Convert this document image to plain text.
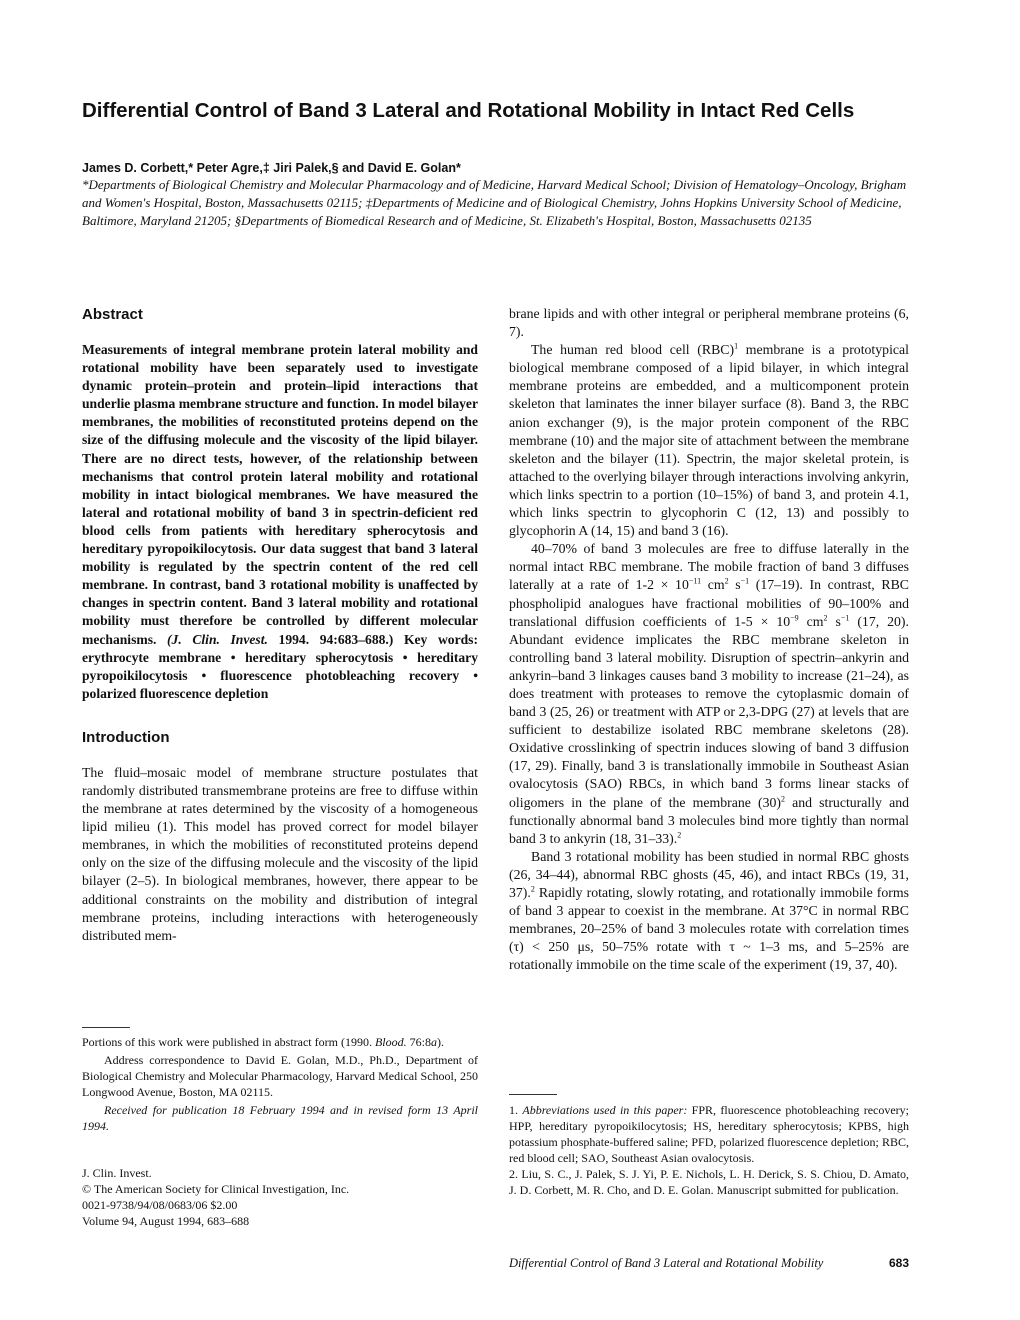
Differential Control of Band 3 Lateral and Rotational Mobility in Intact Red Cells
James D. Corbett,* Peter Agre,‡ Jiri Palek,§ and David E. Golan*
*Departments of Biological Chemistry and Molecular Pharmacology and of Medicine, Harvard Medical School; Division of Hematology–Oncology, Brigham and Women's Hospital, Boston, Massachusetts 02115; ‡Departments of Medicine and of Biological Chemistry, Johns Hopkins University School of Medicine, Baltimore, Maryland 21205; §Departments of Biomedical Research and of Medicine, St. Elizabeth's Hospital, Boston, Massachusetts 02135
Abstract

Measurements of integral membrane protein lateral mobility and rotational mobility have been separately used to investigate dynamic protein–protein and protein–lipid interactions that underlie plasma membrane structure and function. In model bilayer membranes, the mobilities of reconstituted proteins depend on the size of the diffusing molecule and the viscosity of the lipid bilayer. There are no direct tests, however, of the relationship between mechanisms that control protein lateral mobility and rotational mobility in intact biological membranes. We have measured the lateral and rotational mobility of band 3 in spectrin-deficient red blood cells from patients with hereditary spherocytosis and hereditary pyropoikilocytosis. Our data suggest that band 3 lateral mobility is regulated by the spectrin content of the red cell membrane. In contrast, band 3 rotational mobility is unaffected by changes in spectrin content. Band 3 lateral mobility and rotational mobility must therefore be controlled by different molecular mechanisms. (J. Clin. Invest. 1994. 94:683–688.) Key words: erythrocyte membrane • hereditary spherocytosis • hereditary pyropoikilocytosis • fluorescence photobleaching recovery • polarized fluorescence depletion

Introduction

The fluid–mosaic model of membrane structure postulates that randomly distributed transmembrane proteins are free to diffuse within the membrane at rates determined by the viscosity of a homogeneous lipid milieu (1). This model has proved correct for model bilayer membranes, in which the mobilities of reconstituted proteins depend only on the size of the diffusing molecule and the viscosity of the lipid bilayer (2–5). In biological membranes, however, there appear to be additional constraints on the mobility and distribution of integral membrane proteins, including interactions with heterogeneously distributed mem-

brane lipids and with other integral or peripheral membrane proteins (6, 7).

The human red blood cell (RBC)$^1$ membrane is a prototypical biological membrane composed of a lipid bilayer, in which integral membrane proteins are embedded, and a multicomponent protein skeleton that laminates the inner bilayer surface (8). Band 3, the RBC anion exchanger (9), is the major protein component of the RBC membrane (10) and the major site of attachment between the membrane skeleton and the bilayer (11). Spectrin, the major skeletal protein, is attached to the overlying bilayer through interactions involving ankyrin, which links spectrin to a portion (10–15%) of band 3, and protein 4.1, which links spectrin to glycophorin C (12, 13) and possibly to glycophorin A (14, 15) and band 3 (16).

40–70% of band 3 molecules are free to diffuse laterally in the normal intact RBC membrane. The mobile fraction of band 3 diffuses laterally at a rate of $1-2 \times 10^{-11}$ $cm^2$ $s^{-1}$ (17–19). In contrast, RBC phospholipid analogues have fractional mobilities of 90–100% and translational diffusion coefficients of $1-5 \times 10^{-9}$ $cm^2$ $s^{-1}$ (17, 20). Abundant evidence implicates the RBC membrane skeleton in controlling band 3 lateral mobility. Disruption of spectrin–ankyrin and ankyrin–band 3 linkages causes band 3 mobility to increase (21–24), as does treatment with proteases to remove the cytoplasmic domain of band 3 (25, 26) or treatment with ATP or 2,3-DPG (27) at levels that are sufficient to destabilize isolated RBC membrane skeletons (28). Oxidative crosslinking of spectrin induces slowing of band 3 diffusion (17, 29). Finally, band 3 is translationally immobile in Southeast Asian ovalocytosis (SAO) RBCs, in which band 3 forms linear stacks of oligomers in the plane of the membrane $(30)^2$ and structurally and functionally abnormal band 3 molecules bind more tightly than normal band 3 to ankyrin (18, 31–33).$^2$

Band 3 rotational mobility has been studied in normal RBC ghosts (26, 34–44), abnormal RBC ghosts (45, 46), and intact RBCs (19, 31, 37).$^2$ Rapidly rotating, slowly rotating, and rotationally immobile forms of band 3 appear to coexist in the membrane. At 37°C in normal RBC membranes, 20–25% of band 3 molecules rotate with correlation times (τ) < 250 μs, 50–75% rotate with τ ~ 1–3 ms, and 5–25% are rotationally immobile on the time scale of the experiment (19, 37, 40).

Portions of this work were published in abstract form (1990. Blood. 76:8a).

Address correspondence to David E. Golan, M.D., Ph.D., Department of Biological Chemistry and Molecular Pharmacology, Harvard Medical School, 250 Longwood Avenue, Boston, MA 02115.

Received for publication 18 February 1994 and in revised form 13 April 1994.

J. Clin. Invest.
© The American Society for Clinical Investigation, Inc.
0021-9738/94/08/0683/06 $2.00
Volume 94, August 1994, 683–688

1. Abbreviations used in this paper: FPR, fluorescence photobleaching recovery; HPP, hereditary pyropoikilocytosis; HS, hereditary spherocytosis; KPBS, high potassium phosphate-buffered saline; PFD, polarized fluorescence depletion; RBC, red blood cell; SAO, Southeast Asian ovalocytosis.

2. Liu, S. C., J. Palek, S. J. Yi, P. E. Nichols, L. H. Derick, S. S. Chiou, D. Amato, J. D. Corbett, M. R. Cho, and D. E. Golan. Manuscript submitted for publication.

Differential Control of Band 3 Lateral and Rotational Mobility	683
